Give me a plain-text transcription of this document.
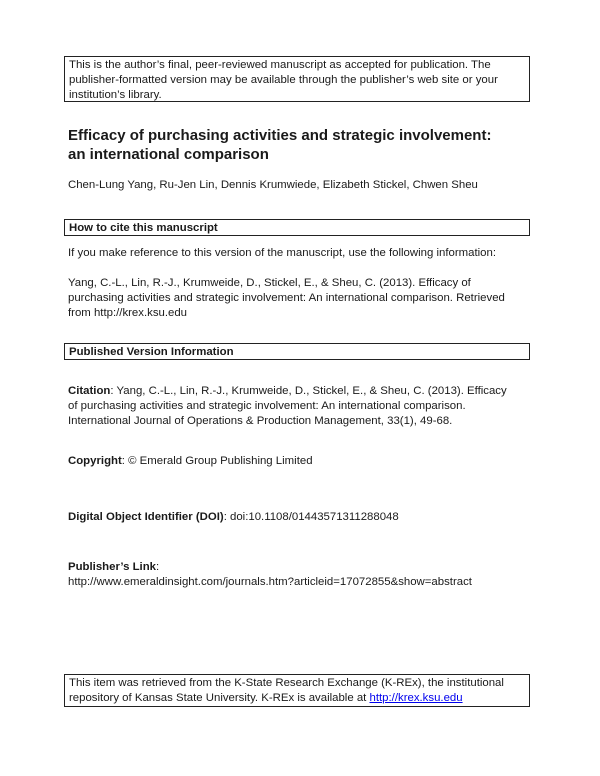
This is the author’s final, peer-reviewed manuscript as accepted for publication. The
publisher-formatted version may be available through the publisher’s web site or your
institution’s library.
Efficacy of purchasing activities and strategic involvement:
an international comparison
Chen-Lung Yang, Ru-Jen Lin, Dennis Krumwiede, Elizabeth Stickel, Chwen Sheu
How to cite this manuscript
If you make reference to this version of the manuscript, use the following information:
Yang, C.-L., Lin, R.-J., Krumweide, D., Stickel, E., & Sheu, C. (2013). Efficacy of
purchasing activities and strategic involvement: An international comparison. Retrieved
from http://krex.ksu.edu
Published Version Information
Citation: Yang, C.-L., Lin, R.-J., Krumweide, D., Stickel, E., & Sheu, C. (2013). Efficacy
of purchasing activities and strategic involvement: An international comparison.
International Journal of Operations & Production Management, 33(1), 49-68.
Copyright: © Emerald Group Publishing Limited
Digital Object Identifier (DOI): doi:10.1108/01443571311288048
Publisher’s Link:
http://www.emeraldinsight.com/journals.htm?articleid=17072855&show=abstract
This item was retrieved from the K-State Research Exchange (K-REx), the institutional
repository of Kansas State University. K-REx is available at http://krex.ksu.edu
